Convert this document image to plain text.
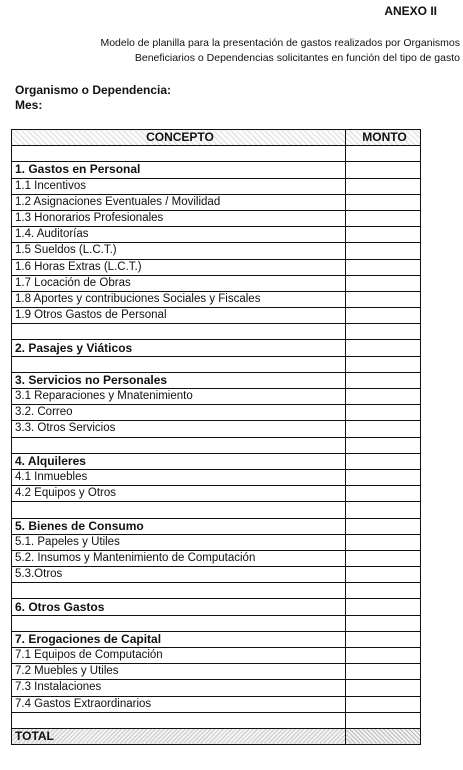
ANEXO II
Modelo de planilla para la presentación de gastos realizados por Organismos
Beneficiarios o Dependencias solicitantes en función del tipo de gasto
Organismo o Dependencia:
Mes:
CONCEPTO	MONTO

1. Gastos en Personal	
1.1 Incentivos	
1.2 Asignaciones Eventuales / Movilidad	
1.3 Honorarios Profesionales	
1.4. Auditorías	
1.5 Sueldos (L.C.T.)	
1.6 Horas Extras (L.C.T.)	
1.7 Locación de Obras	
1.8 Aportes y contribuciones Sociales y Fiscales	
1.9 Otros Gastos de Personal	

2. Pasajes y Viáticos	

3. Servicios no Personales	
3.1 Reparaciones y Mnatenimiento	
3.2. Correo	
3.3. Otros Servicios	

4. Alquileres	
4.1 Inmuebles	
4.2 Equipos y Otros	

5. Bienes de Consumo	
5.1. Papeles y Utiles	
5.2. Insumos y Mantenimiento de Computación	
5.3.Otros	

6. Otros Gastos	

7. Erogaciones de Capital	
7.1 Equipos de Computación	
7.2 Muebles y Utiles	
7.3 Instalaciones	
7.4 Gastos Extraordinarios	

TOTAL	
